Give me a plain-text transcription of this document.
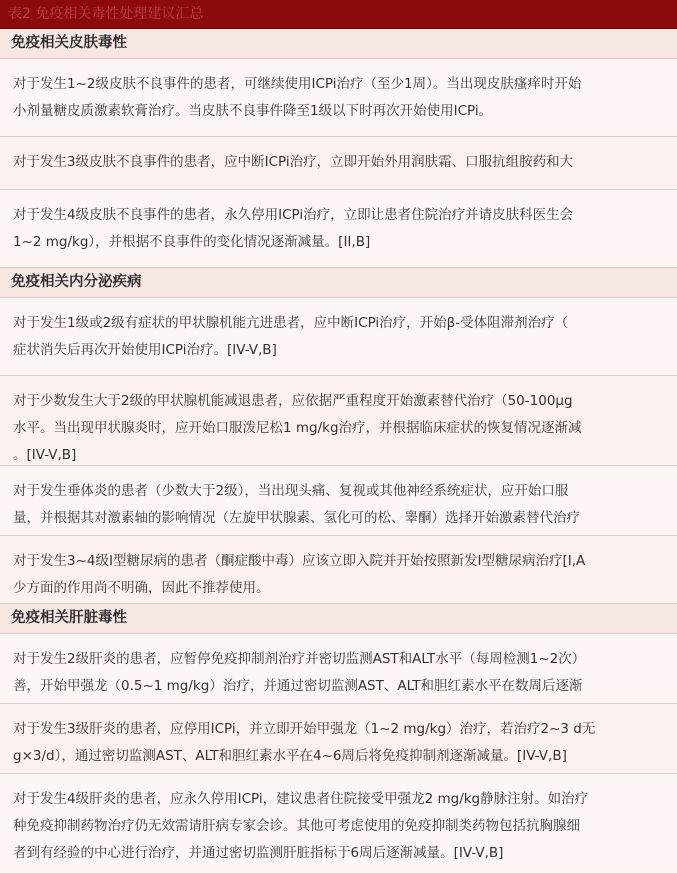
表2 免疫相关毒性处理建议汇总
免疫相关皮肤毒性
对于发生1~2级皮肤不良事件的患者，可继续使用ICPi治疗（至少1周）。当出现皮肤瘙痒时开始
小剂量糖皮质激素软膏治疗。当皮肤不良事件降至1级以下时再次开始使用ICPi。
对于发生3级皮肤不良事件的患者，应中断ICPi治疗，立即开始外用润肤霜、口服抗组胺药和大
对于发生4级皮肤不良事件的患者，永久停用ICPi治疗，立即让患者住院治疗并请皮肤科医生会
1~2 mg/kg），并根据不良事件的变化情况逐渐减量。[II,B]
免疫相关内分泌疾病
对于发生1级或2级有症状的甲状腺机能亢进患者，应中断ICPi治疗，开始β-受体阻滞剂治疗（
症状消失后再次开始使用ICPi治疗。[IV-V,B]
对于少数发生大于2级的甲状腺机能减退患者，应依据严重程度开始激素替代治疗（50-100μg
水平。当出现甲状腺炎时，应开始口服泼尼松1 mg/kg治疗，并根据临床症状的恢复情况逐渐减
。[IV-V,B]
对于发生垂体炎的患者（少数大于2级），当出现头痛、复视或其他神经系统症状，应开始口服
量，并根据其对激素轴的影响情况（左旋甲状腺素、氢化可的松、睾酮）选择开始激素替代治疗
对于发生3~4级I型糖尿病的患者（酮症酸中毒）应该立即入院并开始按照新发I型糖尿病治疗[I,A
少方面的作用尚不明确，因此不推荐使用。
免疫相关肝脏毒性
对于发生2级肝炎的患者，应暂停免疫抑制剂治疗并密切监测AST和ALT水平（每周检测1~2次）
善，开始甲强龙（0.5~1 mg/kg）治疗，并通过密切监测AST、ALT和胆红素水平在数周后逐渐
对于发生3级肝炎的患者，应停用ICPi，并立即开始甲强龙（1~2 mg/kg）治疗，若治疗2~3 d无
g×3/d），通过密切监测AST、ALT和胆红素水平在4~6周后将免疫抑制剂逐渐减量。[IV-V,B]
对于发生4级肝炎的患者，应永久停用ICPi，建议患者住院接受甲强龙2 mg/kg静脉注射。如治疗
种免疫抑制药物治疗仍无效需请肝病专家会诊。其他可考虑使用的免疫抑制类药物包括抗胸腺细
者到有经验的中心进行治疗，并通过密切监测肝脏指标于6周后逐渐减量。[IV-V,B]
